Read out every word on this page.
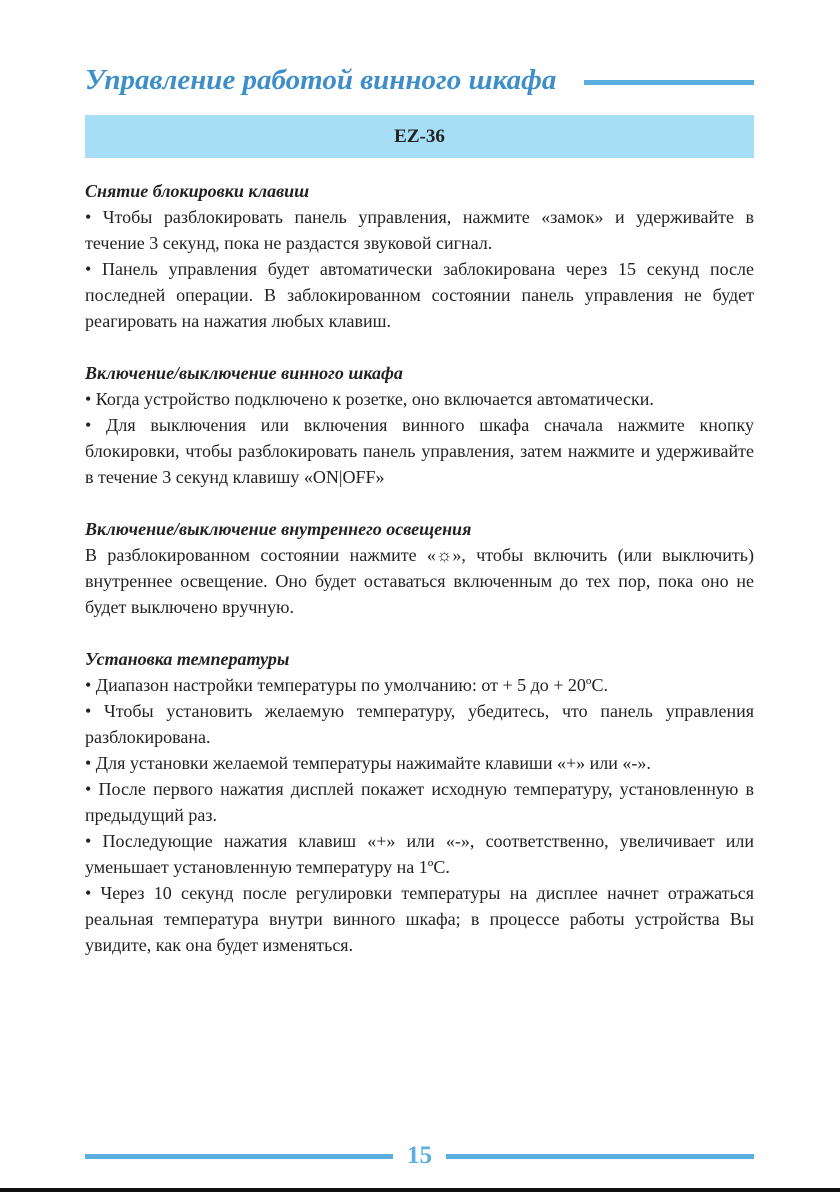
Управление работой винного шкафа
EZ-36

Снятие блокировки клавиш

• Чтобы разблокировать панель управления, нажмите «замок» и удерживайте в течение 3 секунд, пока не раздастся звуковой сигнал.

• Панель управления будет автоматически заблокирована через 15 секунд после последней операции. В заблокированном состоянии панель управления не будет реагировать на нажатия любых клавиш.

Включение/выключение винного шкафа

• Когда устройство подключено к розетке, оно включается автоматически.

• Для выключения или включения винного шкафа сначала нажмите кнопку блокировки, чтобы разблокировать панель управления, затем нажмите и удерживайте в течение 3 секунд клавишу «ON|OFF»

Включение/выключение внутреннего освещения

В разблокированном состоянии нажмите «☼», чтобы включить (или выключить) внутреннее освещение. Оно будет оставаться включенным до тех пор, пока оно не будет выключено вручную.

Установка температуры

• Диапазон настройки температуры по умолчанию: от + 5 до + 20ºC.

• Чтобы установить желаемую температуру, убедитесь, что панель управления разблокирована.

• Для установки желаемой температуры нажимайте клавиши «+» или «-».

• После первого нажатия дисплей покажет исходную температуру, установленную в предыдущий раз.

• Последующие нажатия клавиш «+» или «-», соответственно, увеличивает или уменьшает установленную температуру на 1ºC.

• Через 10 секунд после регулировки температуры на дисплее начнет отражаться реальная температура внутри винного шкафа; в процессе работы устройства Вы увидите, как она будет изменяться.

15
